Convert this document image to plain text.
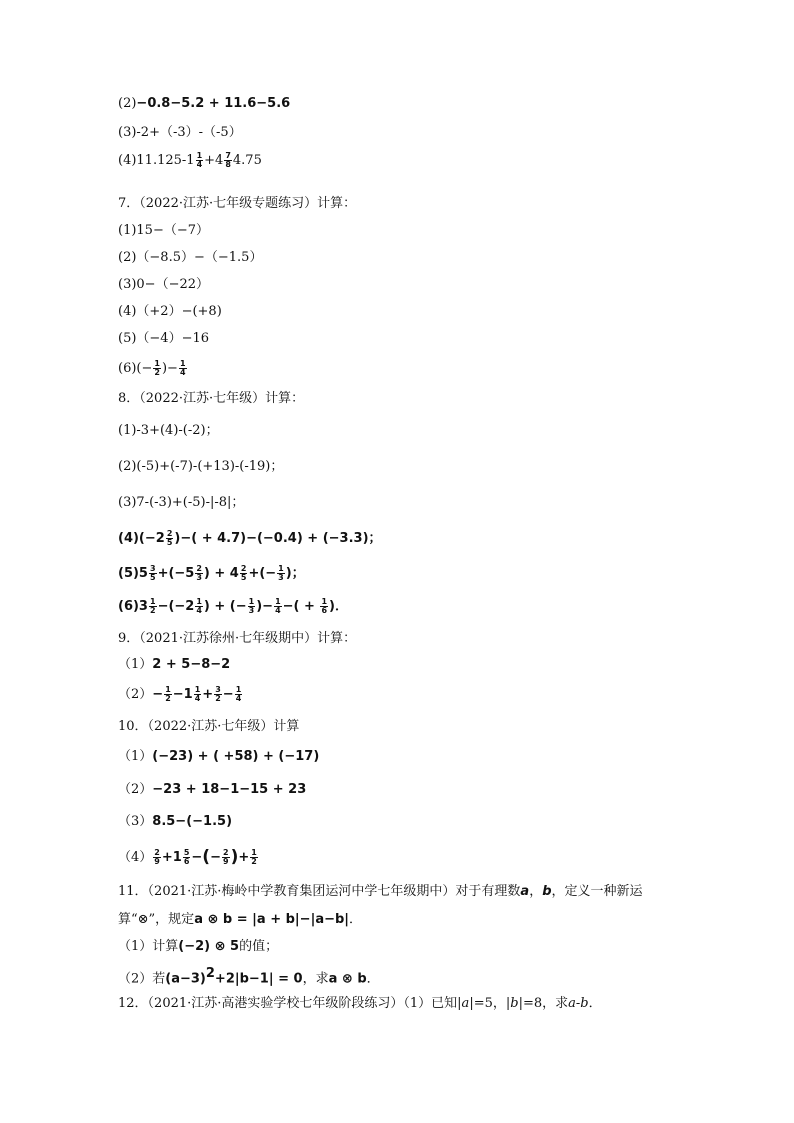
(2)−0.8−5.2 + 11.6−5.6
(3)-2+（-3）-（-5）
$(4)11.125-1 \frac{1}{4} +4 \frac{7}{8} 4.75$
7．（2022·江苏·七年级专题练习）计算：
(1)15−（−7）
(2)（−8.5）−（−1.5）
(3)0−（−22）
(4)（+2）−(+8)
(5)（−4）−16
$(6)(- \frac{1}{2}$ )− $\frac{1}{4}$
8．（2022·江苏·七年级）计算：
(1)-3+(4)-(-2)；
(2)(-5)+(-7)-(+13)-(-19)；
(3)7-(-3)+(-5)-|-8|；
$(4)(-2 \frac{2}{5}$ )−( + 4.7)−(−0.4) + (−3.3)；
$(5)5 \frac{3}{5} +(-5 \frac{2}{3}$ ) + $4 \frac{2}{5}$ +(− $\frac{1}{3}$ )；
$(6)3 \frac{1}{2} -(-2 \frac{1}{4}$ ) + (− $\frac{1}{3}$ )− $\frac{1}{4}$ −( + $\frac{1}{6}$ )．
9．（2021·江苏徐州·七年级期中）计算：
（1）2 + 5−8−2
$(2)- \frac{1}{2} -1 \frac{1}{4} + \frac{3}{2} - \frac{1}{4}$
10．（2022·江苏·七年级）计算
（1）(−23) + ( +58) + (−17)
（2）−23 + 18−1−15 + 23
（3）8.5−(−1.5)
$(4) \frac{2}{9} +1 \frac{5}{6}$ −(− $\frac{2}{9}$ )+ $\frac{1}{2}$
11．（2021·江苏·梅岭中学教育集团运河中学七年级期中）对于有理数a，b，定义一种新运
算“⊗”，规定a ⊗ b = |a + b|−|a−b|．
（1）计算(−2) ⊗ 5的值；
（2）若$(a-3)^2+2|b-1| = 0$，求a ⊗ b．
12．（2021·江苏·高港实验学校七年级阶段练习）（1）已知|a|=5，|b|=8，求a-b．
